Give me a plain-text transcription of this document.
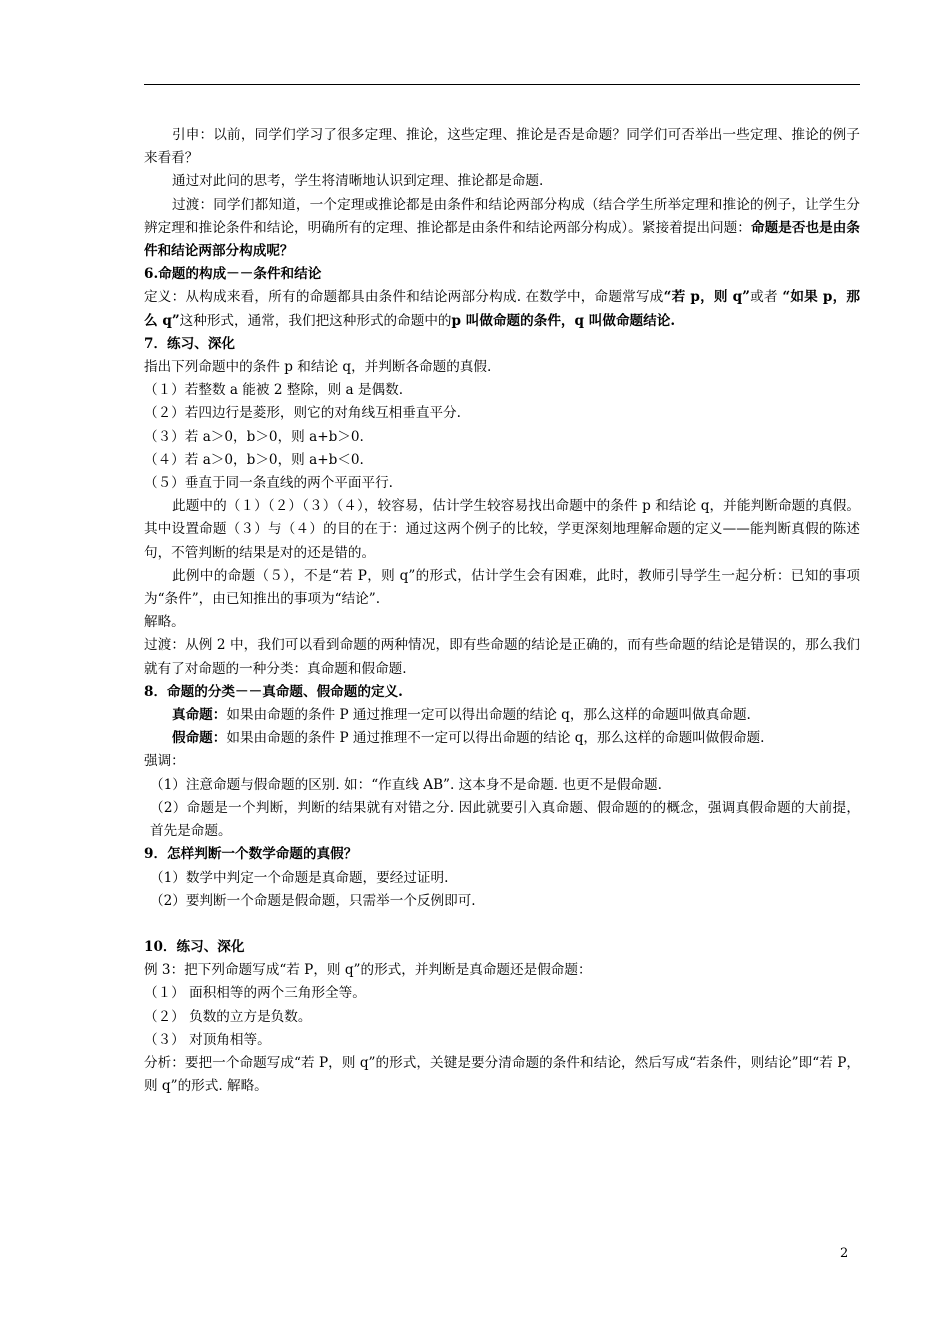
引申：以前，同学们学习了很多定理、推论，这些定理、推论是否是命题？同学们可否举出一些定理、推论的例子来看看？

通过对此问的思考，学生将清晰地认识到定理、推论都是命题.

过渡：同学们都知道，一个定理或推论都是由条件和结论两部分构成（结合学生所举定理和推论的例子，让学生分辨定理和推论条件和结论，明确所有的定理、推论都是由条件和结论两部分构成）。紧接着提出问题：命题是否也是由条件和结论两部分构成呢？

6.命题的构成－－条件和结论

定义：从构成来看，所有的命题都具由条件和结论两部分构成. 在数学中，命题常写成“若 p，则 q”或者 “如果 p，那么 q”这种形式，通常，我们把这种形式的命题中的p 叫做命题的条件，q 叫做命题结论.

7．练习、深化

指出下列命题中的条件 p 和结论 q，并判断各命题的真假.

（１）若整数 a 能被 2 整除，则 a 是偶数.

（２）若四边行是菱形，则它的对角线互相垂直平分.

（３）若 a＞0，b＞0，则 a+b＞0.

（４）若 a＞0，b＞0，则 a+b＜0.

（５）垂直于同一条直线的两个平面平行.

此题中的（１）（２）（３）（４），较容易，估计学生较容易找出命题中的条件 p 和结论 q，并能判断命题的真假。其中设置命题（３）与（４）的目的在于：通过这两个例子的比较，学更深刻地理解命题的定义——能判断真假的陈述句，不管判断的结果是对的还是错的。

此例中的命题（５），不是“若 P，则 q”的形式，估计学生会有困难，此时，教师引导学生一起分析：已知的事项为“条件”，由已知推出的事项为“结论”.

解略。

过渡：从例 2 中，我们可以看到命题的两种情况，即有些命题的结论是正确的，而有些命题的结论是错误的，那么我们就有了对命题的一种分类：真命题和假命题.

8．命题的分类－－真命题、假命题的定义.

真命题：如果由命题的条件 P 通过推理一定可以得出命题的结论 q，那么这样的命题叫做真命题.

假命题：如果由命题的条件 P 通过推理不一定可以得出命题的结论 q，那么这样的命题叫做假命题.

强调：

（1）注意命题与假命题的区别. 如：“作直线 AB”. 这本身不是命题. 也更不是假命题.

（2）命题是一个判断，判断的结果就有对错之分. 因此就要引入真命题、假命题的的概念，强调真假命题的大前提，首先是命题。

9．怎样判断一个数学命题的真假？

（1）数学中判定一个命题是真命题，要经过证明.

（2）要判断一个命题是假命题，只需举一个反例即可.

10．练习、深化

例 3：把下列命题写成“若 P，则 q”的形式，并判断是真命题还是假命题：

（１） 面积相等的两个三角形全等。

（２） 负数的立方是负数。

（３） 对顶角相等。

分析：要把一个命题写成“若 P，则 q”的形式，关键是要分清命题的条件和结论，然后写成“若条件，则结论”即“若 P，则 q”的形式. 解略。

2
